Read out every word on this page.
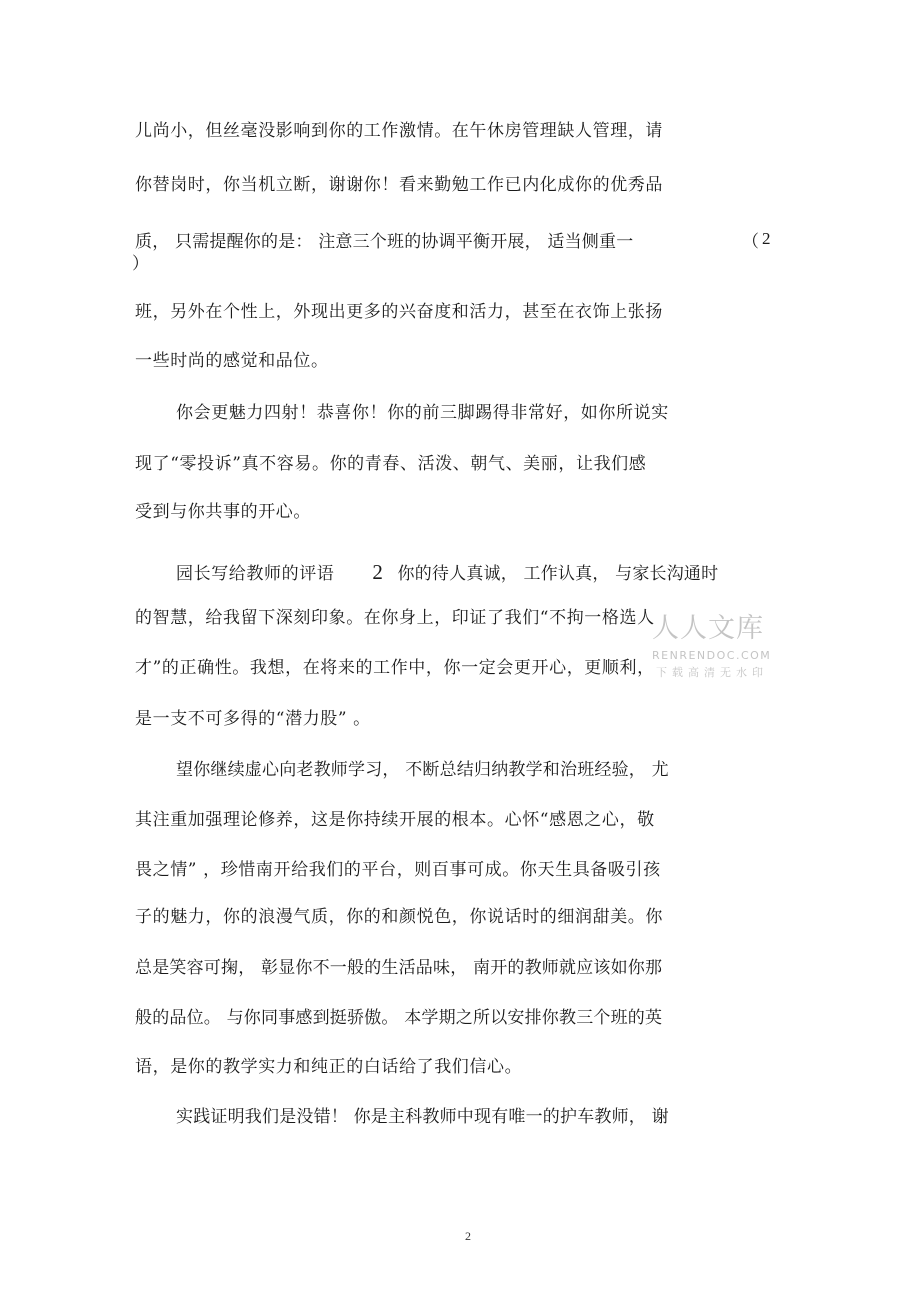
儿尚小，但丝毫没影响到你的工作激情。在午休房管理缺人管理，请
你替岗时，你当机立断，谢谢你！看来勤勉工作已内化成你的优秀品
质， 只需提醒你的是： 注意三个班的协调平衡开展， 适当侧重一	（ 2
）
班，另外在个性上，外现出更多的兴奋度和活力，甚至在衣饰上张扬
一些时尚的感觉和品位。
你会更魅力四射！恭喜你！你的前三脚踢得非常好，如你所说实
现了“零投诉”真不容易。你的青春、活泼、朝气、美丽，让我们感
受到与你共事的开心。
园长写给教师的评语 2 你的待人真诚， 工作认真， 与家长沟通时
的智慧，给我留下深刻印象。在你身上，印证了我们“不拘一格选人
才”的正确性。我想，在将来的工作中，你一定会更开心，更顺利，
是一支不可多得的“潜力股” 。
望你继续虚心向老教师学习， 不断总结归纳教学和治班经验， 尤
其注重加强理论修养，这是你持续开展的根本。心怀“感恩之心，敬
畏之情” ，珍惜南开给我们的平台，则百事可成。你天生具备吸引孩
子的魅力，你的浪漫气质，你的和颜悦色，你说话时的细润甜美。你
总是笑容可掬， 彰显你不一般的生活品味， 南开的教师就应该如你那
般的品位。 与你同事感到挺骄傲。 本学期之所以安排你教三个班的英
语，是你的教学实力和纯正的白话给了我们信心。
实践证明我们是没错！ 你是主科教师中现有唯一的护车教师， 谢
2
人人文库
RENRENDOC.COM
下载高清无水印
